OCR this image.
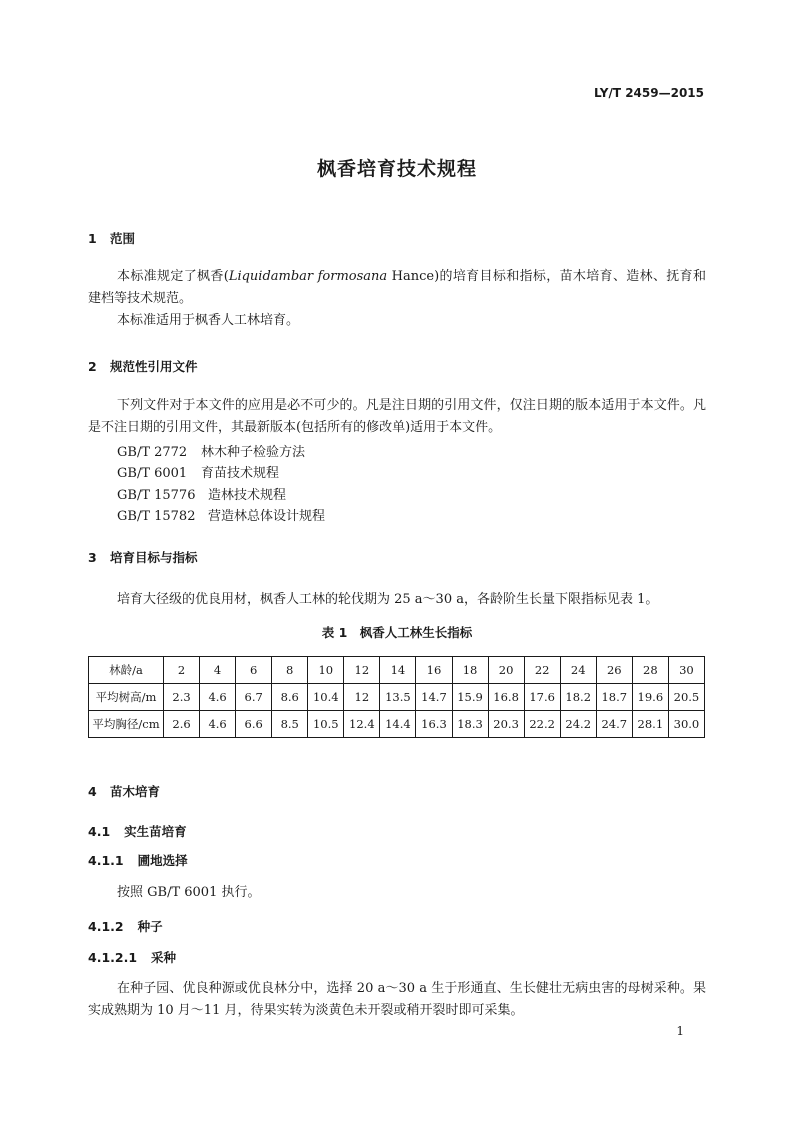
LY/T 2459—2015
枫香培育技术规程
1 范围
本标准规定了枫香(Liquidambar formosana Hance)的培育目标和指标，苗木培育、造林、抚育和建档等技术规范。
本标准适用于枫香人工林培育。
2 规范性引用文件
下列文件对于本文件的应用是必不可少的。凡是注日期的引用文件，仅注日期的版本适用于本文件。凡是不注日期的引用文件，其最新版本(包括所有的修改单)适用于本文件。
GB/T 2772 林木种子检验方法
GB/T 6001 育苗技术规程
GB/T 15776 造林技术规程
GB/T 15782 营造林总体设计规程
3 培育目标与指标
培育大径级的优良用材，枫香人工林的轮伐期为 25 a～30 a，各龄阶生长量下限指标见表 1。
表 1　枫香人工林生长指标
林龄/a	2	4	6	8	10	12	14	16	18	20	22	24	26	28	30
平均树高/m	2.3	4.6	6.7	8.6	10.4	12	13.5	14.7	15.9	16.8	17.6	18.2	18.7	19.6	20.5
平均胸径/cm	2.6	4.6	6.6	8.5	10.5	12.4	14.4	16.3	18.3	20.3	22.2	24.2	24.7	28.1	30.0
4 苗木培育
4.1 实生苗培育
4.1.1 圃地选择
按照 GB/T 6001 执行。
4.1.2 种子
4.1.2.1 采种
在种子园、优良种源或优良林分中，选择 20 a～30 a 生于形通直、生长健壮无病虫害的母树采种。果实成熟期为 10 月～11 月，待果实转为淡黄色未开裂或稍开裂时即可采集。
1
